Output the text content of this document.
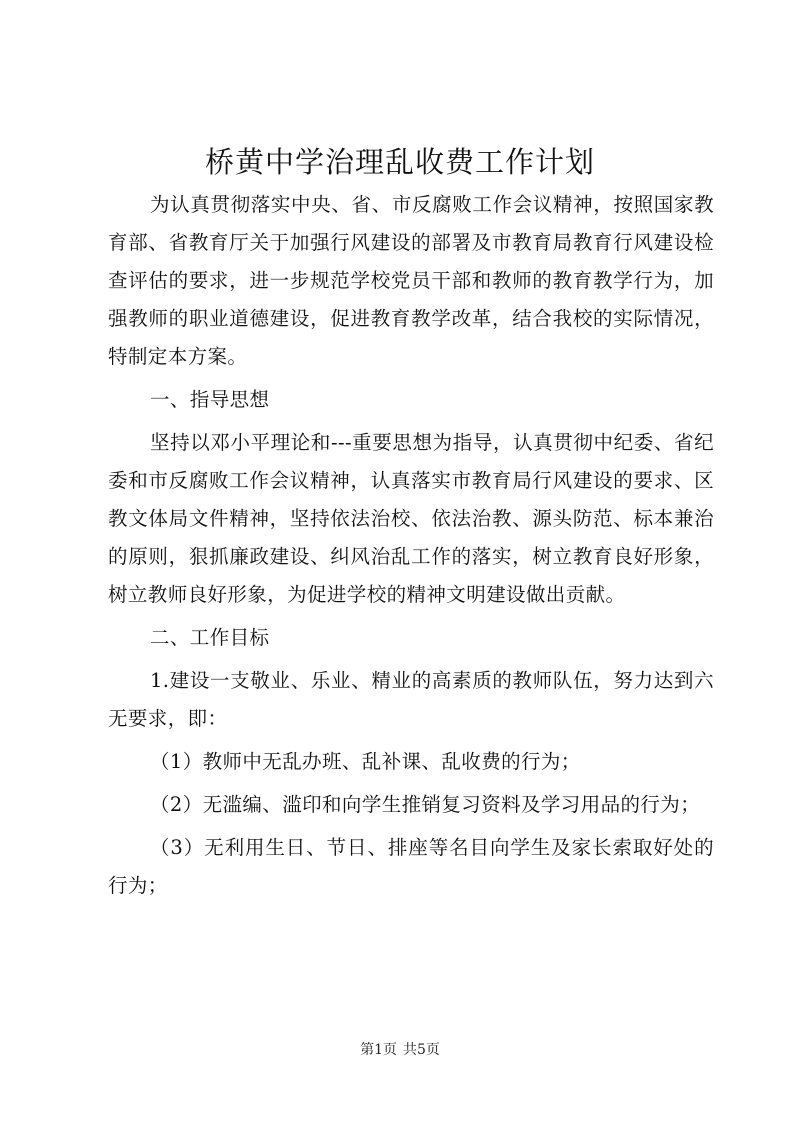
桥黄中学治理乱收费工作计划

为认真贯彻落实中央、省、市反腐败工作会议精神，按照国家教育部、省教育厅关于加强行风建设的部署及市教育局教育行风建设检查评估的要求，进一步规范学校党员干部和教师的教育教学行为，加强教师的职业道德建设，促进教育教学改革，结合我校的实际情况，特制定本方案。

一、指导思想

坚持以邓小平理论和---重要思想为指导，认真贯彻中纪委、省纪委和市反腐败工作会议精神，认真落实市教育局行风建设的要求、区教文体局文件精神，坚持依法治校、依法治教、源头防范、标本兼治的原则，狠抓廉政建设、纠风治乱工作的落实，树立教育良好形象，树立教师良好形象，为促进学校的精神文明建设做出贡献。

二、工作目标

1.建设一支敬业、乐业、精业的高素质的教师队伍，努力达到六无要求，即：

（1）教师中无乱办班、乱补课、乱收费的行为；

（2）无滥编、滥印和向学生推销复习资料及学习用品的行为；

（3）无利用生日、节日、排座等名目向学生及家长索取好处的行为；

第1页 共5页
